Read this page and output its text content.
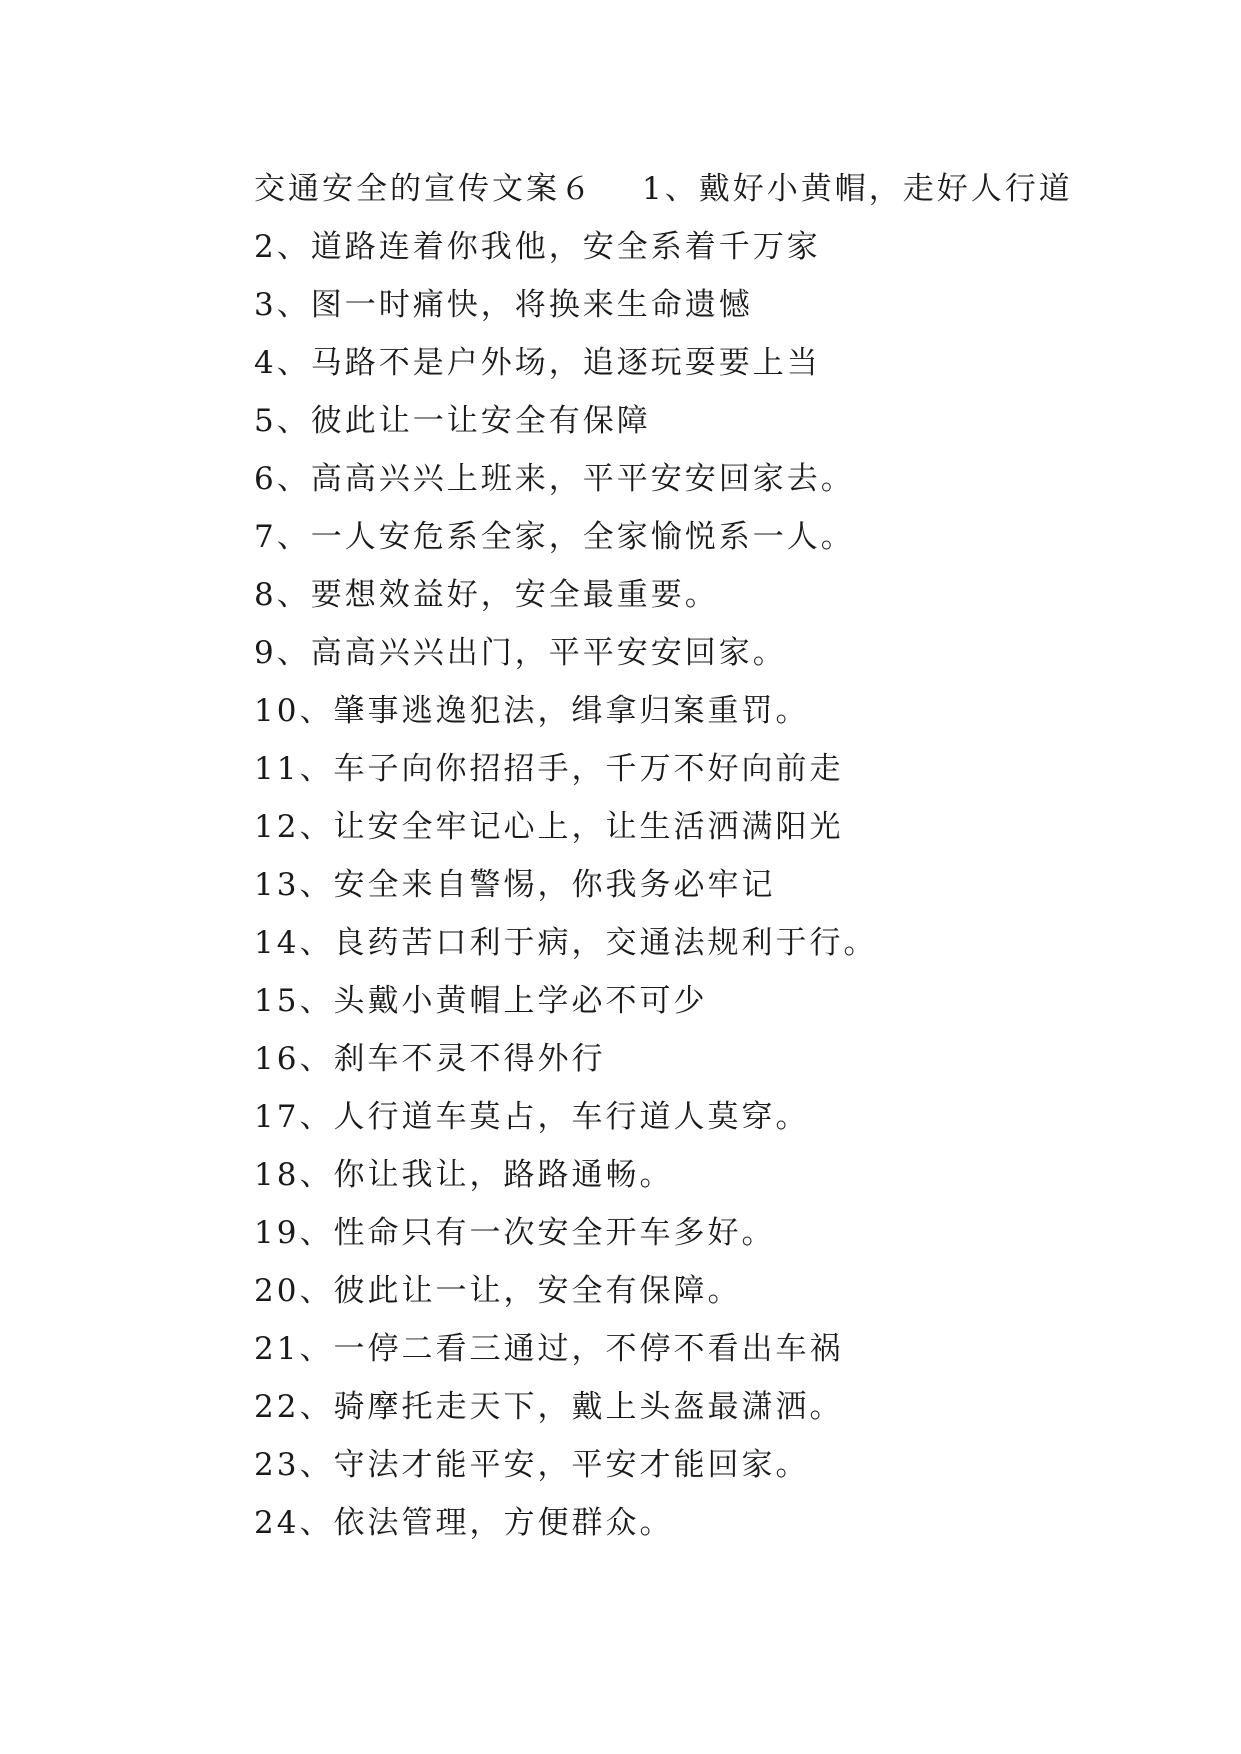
交通安全的宣传文案６ 1、戴好小黄帽，走好人行道
2、道路连着你我他，安全系着千万家
3、图一时痛快，将换来生命遗憾
4、马路不是户外场，追逐玩耍要上当
5、彼此让一让安全有保障
6、高高兴兴上班来，平平安安回家去。
7、一人安危系全家，全家愉悦系一人。
8、要想效益好，安全最重要。
9、高高兴兴出门，平平安安回家。
10、肇事逃逸犯法，缉拿归案重罚。
11、车子向你招招手，千万不好向前走
12、让安全牢记心上，让生活洒满阳光
13、安全来自警惕，你我务必牢记
14、良药苦口利于病，交通法规利于行。
15、头戴小黄帽上学必不可少
16、刹车不灵不得外行
17、人行道车莫占，车行道人莫穿。
18、你让我让，路路通畅。
19、性命只有一次安全开车多好。
20、彼此让一让，安全有保障。
21、一停二看三通过，不停不看出车祸
22、骑摩托走天下，戴上头盔最潇洒。
23、守法才能平安，平安才能回家。
24、依法管理，方便群众。
